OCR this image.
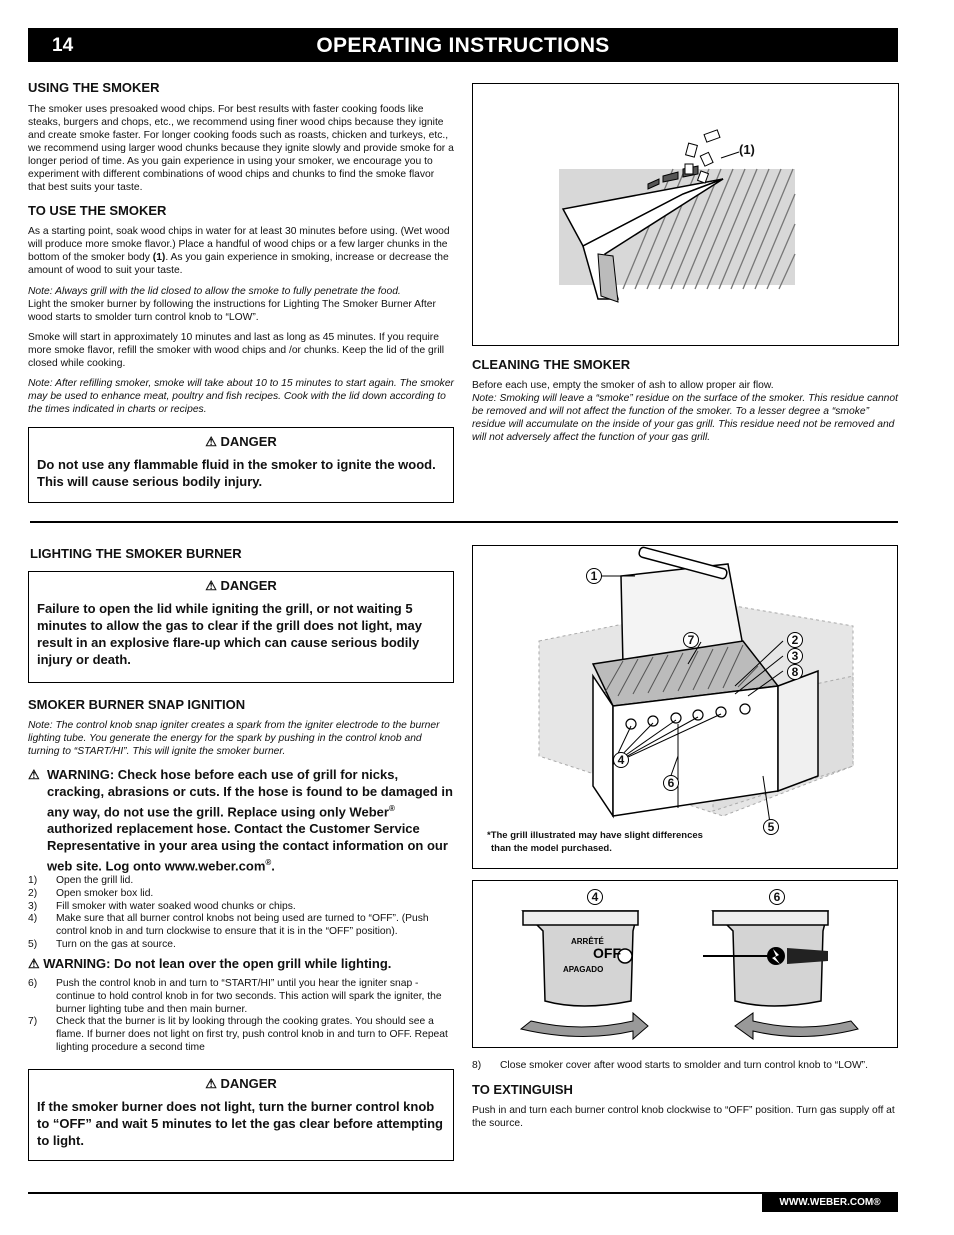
14	OPERATING INSTRUCTIONS
USING THE SMOKER
The smoker uses presoaked wood chips. For best results with faster cooking foods like steaks, burgers and chops, etc., we recommend using finer wood chips because they ignite and create smoke faster. For longer cooking foods such as roasts, chicken and turkeys, etc., we recommend using larger wood chunks because they ignite slowly and provide smoke for a longer period of time. As you gain experience in using your smoker, we encourage you to experiment with different combinations of wood chips and chunks to find the smoke flavor that best suits your taste.
TO USE THE SMOKER
As a starting point, soak wood chips in water for at least 30 minutes before using. (Wet wood will produce more smoke flavor.) Place a handful of wood chips or a few larger chunks in the bottom of the smoker body (1). As you gain experience in smoking, increase or decrease the amount of wood to suit your taste.
Note: Always grill with the lid closed to allow the smoke to fully penetrate the food.
Light the smoker burner by following the instructions for Lighting The Smoker Burner After wood starts to smolder turn control knob to “LOW”.
Smoke will start in approximately 10 minutes and last as long as 45 minutes. If you require more smoke flavor, refill the smoker with wood chips and /or chunks. Keep the lid of the grill closed while cooking.
Note: After refilling smoker, smoke will take about 10 to 15 minutes to start again. The smoker may be used to enhance meat, poultry and fish recipes. Cook with the lid down according to the times indicated in charts or recipes.
⚠ DANGER
Do not use any flammable fluid in the smoker to ignite the wood. This will cause serious bodily injury.
(1)
CLEANING THE SMOKER
Before each use, empty the smoker of ash to allow proper air flow.
Note: Smoking will leave a “smoke” residue on the surface of the smoker. This residue cannot be removed and will not affect the function of the smoker. To a lesser degree a “smoke” residue will accumulate on the inside of your gas grill. This residue need not be removed and will not adversely affect the function of your gas grill.
LIGHTING THE SMOKER BURNER
⚠ DANGER
Failure to open the lid while igniting the grill, or not waiting 5 minutes to allow the gas to clear if the grill does not light, may result in an explosive flare-up which can cause serious bodily injury or death.
SMOKER BURNER SNAP IGNITION
Note: The control knob snap igniter creates a spark from the igniter electrode to the burner lighting tube. You generate the energy for the spark by pushing in the control knob and turning to “START/HI”. This will ignite the smoker burner.
⚠ WARNING: Check hose before each use of grill for nicks, cracking, abrasions or cuts. If the hose is found to be damaged in any way, do not use the grill. Replace using only Weber® authorized replacement hose. Contact the Customer Service Representative in your area using the contact information on our web site. Log onto www.weber.com®.
1)	Open the grill lid.
2)	Open smoker box lid.
3)	Fill smoker with water soaked wood chunks or chips.
4)	Make sure that all burner control knobs not being used are turned to “OFF”. (Push control knob in and turn clockwise to ensure that it is in the “OFF” position).
5)	Turn on the gas at source.
⚠ WARNING: Do not lean over the open grill while lighting.
6)	Push the control knob in and turn to “START/HI” until you hear the igniter snap - continue to hold control knob in for two seconds. This action will spark the igniter, the burner lighting tube and then main burner.
7)	Check that the burner is lit by looking through the cooking grates. You should see a flame. If burner does not light on first try, push control knob in and turn to OFF. Repeat lighting procedure a second time
⚠ DANGER
If the smoker burner does not light, turn the burner control knob to “OFF” and wait 5 minutes to let the gas clear before attempting to light.
1
7	2
3
8
4
6
5
*The grill illustrated may have slight differences
than the model purchased.
4	6
ARRÊTÉ
OFF
APAGADO
8)	Close smoker cover after wood starts to smolder and turn control knob to “LOW”.
TO EXTINGUISH
Push in and turn each burner control knob clockwise to “OFF” position. Turn gas supply off at the source.
WWW.WEBER.COM®
